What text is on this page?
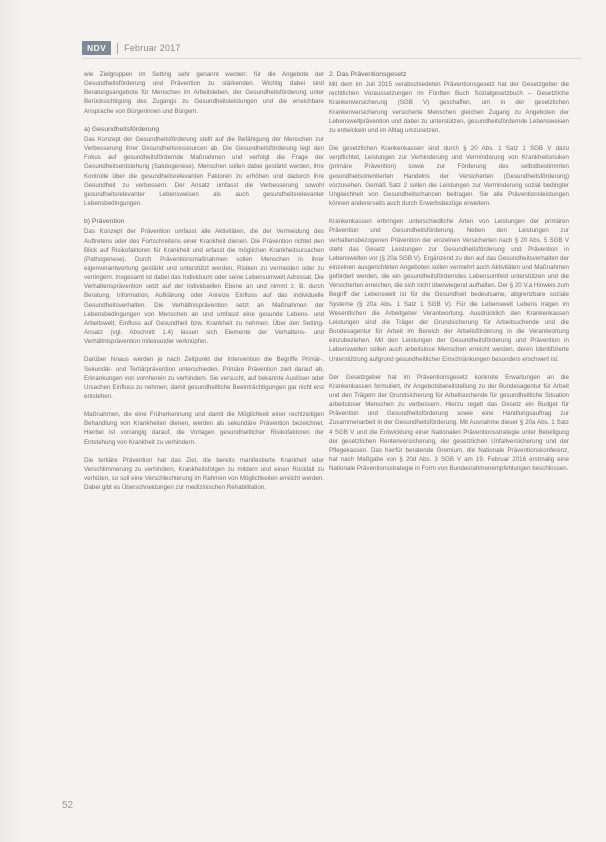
NDV	Februar 2017

wie Zielgruppen im Setting sehr genannt werden: für die Angebote der Gesundheitsförderung und Prävention zu stärkenden. Wichtig dabei sind Beratungsangebote für Menschen im Arbeitsleben, der Gesundheitsförderung unter Berücksichtigung des Zugangs zu Gesundheitsleistungen und die erreichbare Ansprache von Bürgerinnen und Bürgern.

a) Gesundheitsförderung

Das Konzept der Gesundheitsförderung stellt auf die Befähigung der Menschen zur Verbesserung ihrer Gesundheitsressourcen ab. Die Gesundheitsförderung legt den Fokus auf gesundheitsfördernde Maßnahmen und verfolgt die Frage der Gesundheitsentstehung (Salutogenese). Menschen sollen dabei gestärkt werden, ihre Kontrolle über die gesundheitsrelevanten Faktoren zu erhöhen und dadurch ihre Gesundheit zu verbessern. Der Ansatz umfasst die Verbesserung sowohl gesundheitsrelevanter Lebensweisen als auch gesundheitsrelevanter Lebensbedingungen.

b) Prävention

Das Konzept der Prävention umfasst alle Aktivitäten, die der Vermeidung des Auftretens oder des Fortschreitens einer Krankheit dienen. Die Prävention richtet den Blick auf Risikofaktoren für Krankheit und erfasst die möglichen Krankheitsursachen (Pathogenese). Durch Präventionsmaßnahmen sollen Menschen in ihrer eigenverantwortung gestärkt und unterstützt werden, Risiken zu vermeiden oder zu verringern. Insgesamt ist dabei das Individuum oder seine Lebensumwelt Adressat. Die Verhaltensprävention setzt auf der individuellen Ebene an und nimmt z. B. durch Beratung, Information, Aufklärung oder Anreize Einfluss auf das individuelle Gesundheitsverhalten. Die Verhältnisprävention setzt an Maßnahmen der Lebensbedingungen von Menschen an und umfasst eine gesunde Lebens- und Arbeitswelt; Einfluss auf Gesundheit bzw. Krankheit zu nehmen. Über den Setting-Ansatz (vgl. Abschnitt 1.4) lassen sich Elemente der Verhaltens- und Verhältnisprävention miteinander verknüpfen.

Darüber hinaus werden je nach Zeitpunkt der Intervention die Begriffe Primär-, Sekundär- und Tertiärprävention unterschieden. Primäre Prävention zielt darauf ab, Erkrankungen von vornherein zu verhindern. Sie versucht, auf bekannte Auslöser oder Ursachen Einfluss zu nehmen, damit gesundheitliche Beeinträchtigungen gar nicht erst entstehen.

Maßnahmen, die eine Früherkennung und damit die Möglichkeit einer rechtzeitigen Behandlung von Krankheiten dienen, werden als sekundäre Prävention bezeichnet. Hierbei ist vorrangig darauf, die Vorlagen gesundheitlicher Risikofaktoren der Entstehung von Krankheit zu verhindern.

Die tertiäre Prävention hat das Ziel, die bereits manifestierte Krankheit oder Verschlimmerung zu verhindern, Krankheitsfolgen zu mildern und einen Rückfall zu verhüten, so soll eine Verschlechterung im Rahmen von Möglichkeiten erreicht werden. Dabei gibt es Überschneidungen zur medizinischen Rehabilitation.

2. Das Präventionsgesetz

Mit dem im Juli 2015 verabschiedeten Präventionsgesetz hat der Gesetzgeber die rechtlichen Voraussetzungen im Fünften Buch Sozialgesetzbuch – Gesetzliche Krankenversicherung (SGB V) geschaffen, um in der gesetzlichen Krankenversicherung versicherte Menschen gleichen Zugang zu Angeboten der Lebensweltprävention und dabei zu unterstützen, gesundheitsfördernde Lebensweisen zu entwickeln und im Alltag umzusetzen.

Die gesetzlichen Krankenkassen sind durch § 20 Abs. 1 Satz 1 SGB V dazu verpflichtet, Leistungen zur Verhinderung und Verminderung von Krankheitsrisiken (primäre Prävention) sowie zur Förderung des selbstbestimmten gesundheitsorientierten Handelns der Versicherten (Gesundheitsförderung) vorzusehen. Gemäß Satz 2 sollen die Leistungen zur Verminderung sozial bedingter Ungleichheit von Gesundheitschancen beitragen. Sie alle Präventionsleistungen können andererseits auch durch Erwerbsbezüge erweitern.

Krankenkassen erbringen unterschiedliche Arten von Leistungen der primären Prävention und Gesundheitsförderung. Neben den Leistungen zur verhaltensbezogenen Prävention der einzelnen Versicherten nach § 20 Abs. 5 SGB V steht das Gesetz Leistungen zur Gesundheitsförderung und Prävention in Lebenswelten vor (§ 20a SGB V). Ergänzend zu den auf das Gesundheitsverhalten der einzelnen ausgerichteten Angeboten sollen vermehrt auch Aktivitäten und Maßnahmen gefördert werden, die ein gesundheitsförderndes Lebensumfeld unterstützen und die Versicherten erreichen, die sich nicht überwiegend aufhalten. Der § 20 V.a Hinweis zum Begriff der Lebenswelt ist für die Gesundheit bedeutsame, abgrenzbare soziale Systeme (§ 20a Abs. 1 Satz 1 SGB V). Für die Lebenswelt Lebens tragen im Wesentlichen die Arbeitgeber Verantwortung. Ausdrücklich den Krankenkassen Leistungen sind die Träger der Grundsicherung für Arbeitsuchende und die Bundesagentur für Arbeit im Bereich der Arbeitsförderung in die Verantwortung einzubeziehen. Mit den Leistungen der Gesundheitsförderung und Prävention in Lebenswelten sollen auch arbeitslose Menschen erreicht werden, deren Identifizierte Unterstützung aufgrund gesundheitlicher Einschränkungen besonders erschwert ist.

Der Gesetzgeber hat im Präventionsgesetz konkrete Erwartungen an die Krankenkassen formuliert, ihr Angebotsbereitstellung zu der Bundesagentur für Arbeit und den Trägern der Grundsicherung für Arbeitsuchende für gesundheitliche Situation arbeitsloser Menschen zu verbessern. Hierzu regelt das Gesetz ein Budget für Prävention und Gesundheitsförderung sowie eine Handlungsauftrag zur Zusammenarbeit in der Gesundheitsförderung. Mit Ausnahme dieser § 20a Abs. 1 Satz 4 SGB V und die Entwicklung einer Nationalen Präventionsstrategie unter Beteiligung der gesetzlichen Rentenversicherung, der gesetzlichen Unfallversicherung und der Pflegekassen. Das hierfür beratende Gremium, die Nationale Präventionskonferenz, hat nach Maßgabe von § 20d Abs. 3 SGB V am 19. Februar 2016 erstmalig eine Nationale Präventionsstrategie in Form von Bundesrahmenempfehlungen beschlossen.

52
